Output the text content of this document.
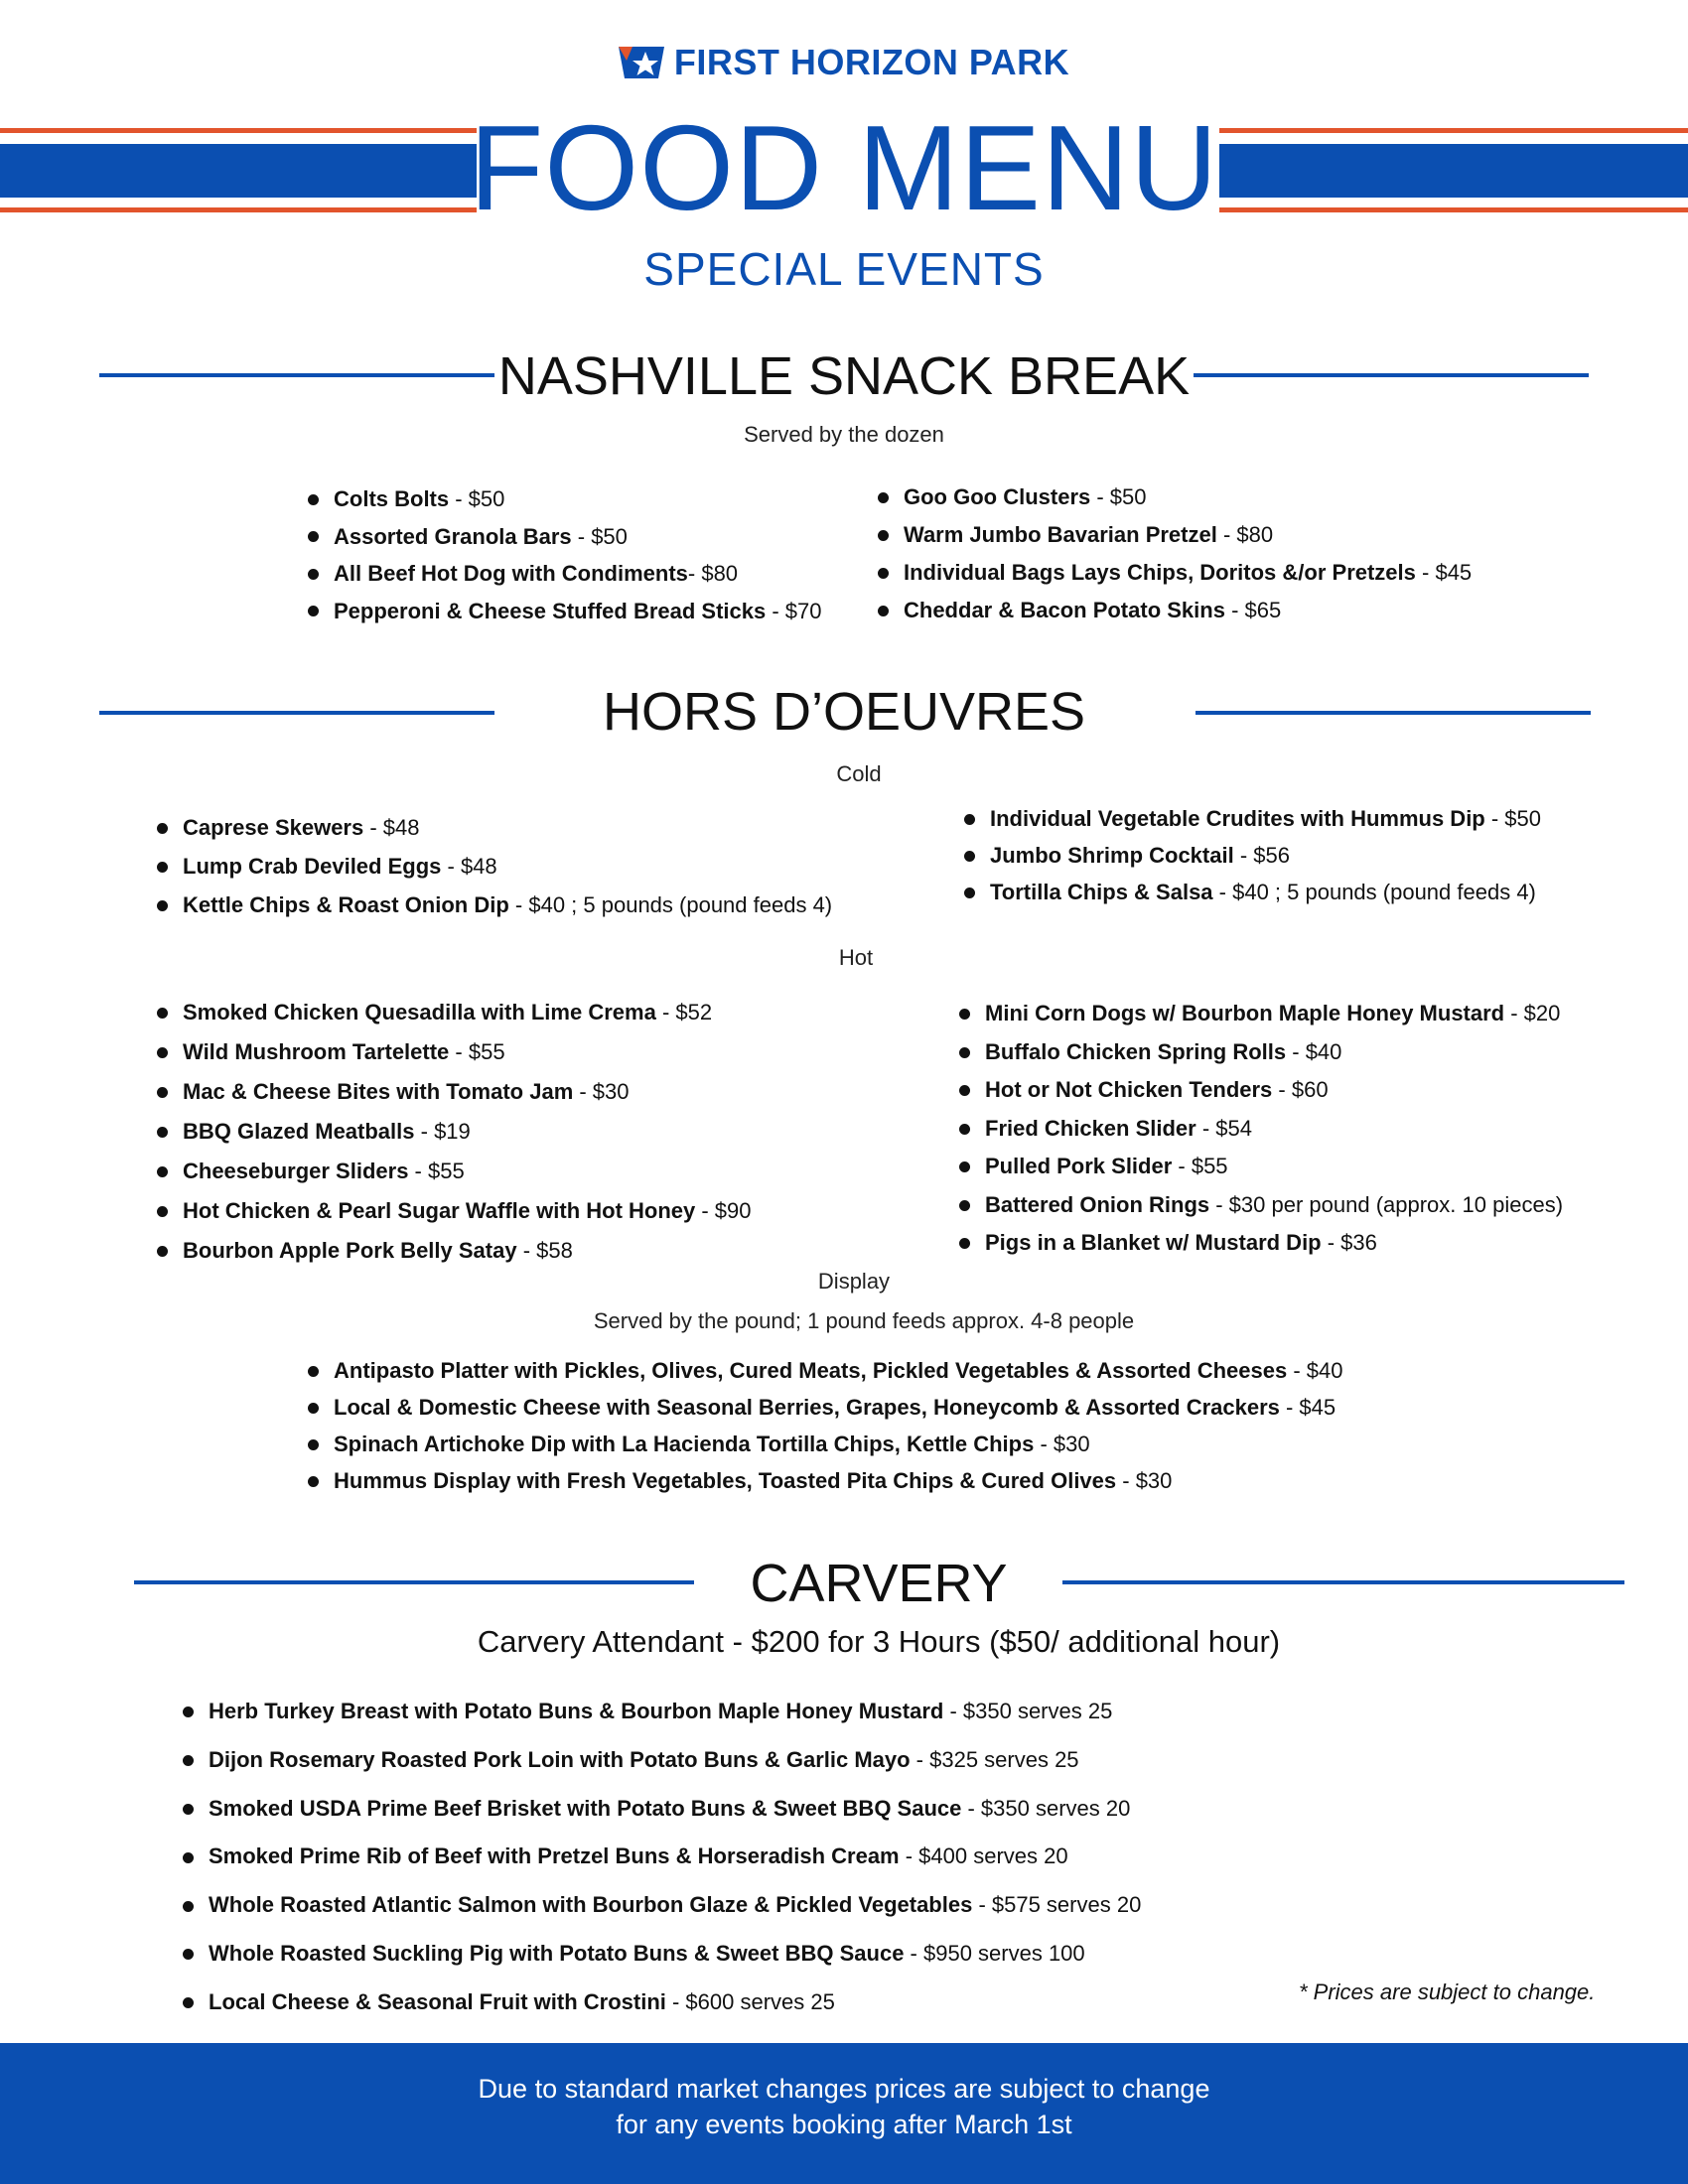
FIRST HORIZON PARK
FOOD MENU
SPECIAL EVENTS
NASHVILLE SNACK BREAK
Served by the dozen
Colts Bolts - $50
Assorted Granola Bars - $50
All Beef Hot Dog with Condiments- $80
Pepperoni & Cheese Stuffed Bread Sticks - $70
Goo Goo Clusters - $50
Warm Jumbo Bavarian Pretzel - $80
Individual Bags Lays Chips, Doritos &/or Pretzels - $45
Cheddar & Bacon Potato Skins - $65
HORS D’OEUVRES
Cold
Caprese Skewers - $48
Lump Crab Deviled Eggs - $48
Kettle Chips & Roast Onion Dip - $40 ; 5 pounds (pound feeds 4)
Individual Vegetable Crudites with Hummus Dip - $50
Jumbo Shrimp Cocktail - $56
Tortilla Chips & Salsa - $40 ; 5 pounds (pound feeds 4)
Hot
Smoked Chicken Quesadilla with Lime Crema - $52
Wild Mushroom Tartelette - $55
Mac & Cheese Bites with Tomato Jam - $30
BBQ Glazed Meatballs - $19
Cheeseburger Sliders - $55
Hot Chicken & Pearl Sugar Waffle with Hot Honey - $90
Bourbon Apple Pork Belly Satay - $58
Mini Corn Dogs w/ Bourbon Maple Honey Mustard - $20
Buffalo Chicken Spring Rolls - $40
Hot or Not Chicken Tenders - $60
Fried Chicken Slider - $54
Pulled Pork Slider - $55
Battered Onion Rings - $30 per pound (approx. 10 pieces)
Pigs in a Blanket w/ Mustard Dip - $36
Display
Served by the pound; 1 pound feeds approx. 4-8 people
Antipasto Platter with Pickles, Olives, Cured Meats, Pickled Vegetables & Assorted Cheeses - $40
Local & Domestic Cheese with Seasonal Berries, Grapes, Honeycomb & Assorted Crackers - $45
Spinach Artichoke Dip with La Hacienda Tortilla Chips, Kettle Chips - $30
Hummus Display with Fresh Vegetables, Toasted Pita Chips & Cured Olives - $30
CARVERY
Carvery Attendant - $200 for 3 Hours ($50/ additional hour)
Herb Turkey Breast with Potato Buns & Bourbon Maple Honey Mustard - $350 serves 25
Dijon Rosemary Roasted Pork Loin with Potato Buns & Garlic Mayo - $325 serves 25
Smoked USDA Prime Beef Brisket with Potato Buns & Sweet BBQ Sauce - $350 serves 20
Smoked Prime Rib of Beef with Pretzel Buns & Horseradish Cream - $400 serves 20
Whole Roasted Atlantic Salmon with Bourbon Glaze & Pickled Vegetables - $575 serves 20
Whole Roasted Suckling Pig with Potato Buns & Sweet BBQ Sauce - $950 serves 100
Local Cheese & Seasonal Fruit with Crostini - $600 serves 25	* Prices are subject to change.
Due to standard market changes prices are subject to change
for any events booking after March 1st
